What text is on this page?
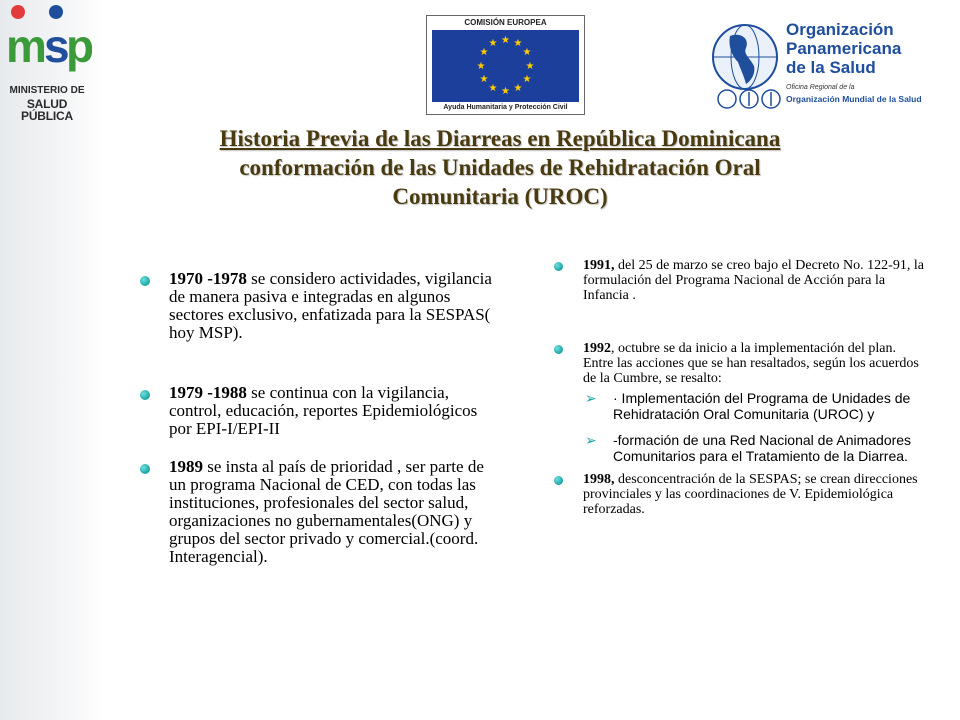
m
s
p
MINISTERIO DE
SALUD PÚBLICA
COMISIÓN EUROPEA
★ ★
★
★
★
★
★
★
★
★
★
★
Ayuda Humanitaria y Protección Civil
Organización
Panamericana
de la Salud
Oficina Regional de la
Organización Mundial de la Salud
Historia Previa de las Diarreas en República Dominicana
conformación de las Unidades de Rehidratación Oral
Comunitaria (UROC)
1970 -1978 se considero actividades, vigilancia de manera pasiva e integradas en algunos sectores exclusivo, enfatizada para la SESPAS( hoy MSP).
1979 -1988 se continua con la vigilancia, control, educación, reportes Epidemiológicos por EPI-I/EPI-II
1989 se insta al país de prioridad , ser parte de un programa Nacional de CED, con todas las instituciones, profesionales del sector salud, organizaciones no gubernamentales(ONG) y grupos del sector privado y comercial.(coord. Interagencial).
1991, del 25 de marzo se creo bajo el Decreto No. 122-91, la formulación del Programa Nacional de Acción para la Infancia .
1992, octubre se da inicio a la implementación del plan. Entre las acciones que se han resaltados, según los acuerdos de la Cumbre, se resalto:
➢ · Implementación del Programa de Unidades de Rehidratación Oral Comunitaria (UROC) y
➢ -formación de una Red Nacional de Animadores Comunitarios para el Tratamiento de la Diarrea.
1998, desconcentración de la SESPAS; se crean direcciones provinciales y las coordinaciones de V. Epidemiológica reforzadas.
